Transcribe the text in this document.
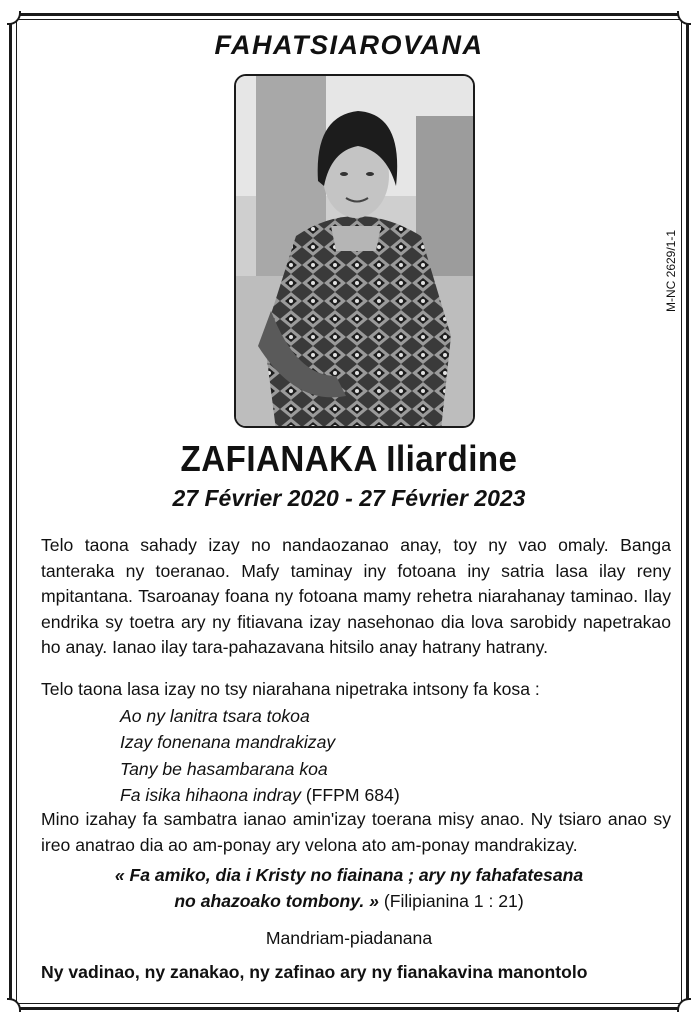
FAHATSIAROVANA
M-NC 2629/1-1
ZAFIANAKA Iliardine
27 Février 2020 - 27 Février 2023
Telo taona sahady izay no nandaozanao anay, toy ny vao omaly. Banga tanteraka ny toeranao. Mafy taminay iny fotoana iny satria lasa ilay reny mpitantana. Tsaroanay foana ny fotoana mamy rehetra niarahanay taminao. Ilay endrika sy toetra ary ny fitiavana izay nasehonao dia lova sarobidy napetrakao ho anay. Ianao ilay tara-pahazavana hitsilo anay hatrany hatrany.
Telo taona lasa izay no tsy niarahana nipetraka intsony fa kosa :
Ao ny lanitra tsara tokoa
Izay fonenana mandrakizay
Tany be hasambarana koa
Fa isika hihaona indray (FFPM 684)
Mino izahay fa sambatra ianao amin'izay toerana misy anao. Ny tsiaro anao sy ireo anatrao dia ao am-ponay ary velona ato am-ponay mandrakizay.
« Fa amiko, dia i Kristy no fiainana ; ary ny fahafatesana
no ahazoako tombony. » (Filipianina 1 : 21)
Mandriam-piadanana
Ny vadinao, ny zanakao, ny zafinao ary ny fianakavina manontolo
